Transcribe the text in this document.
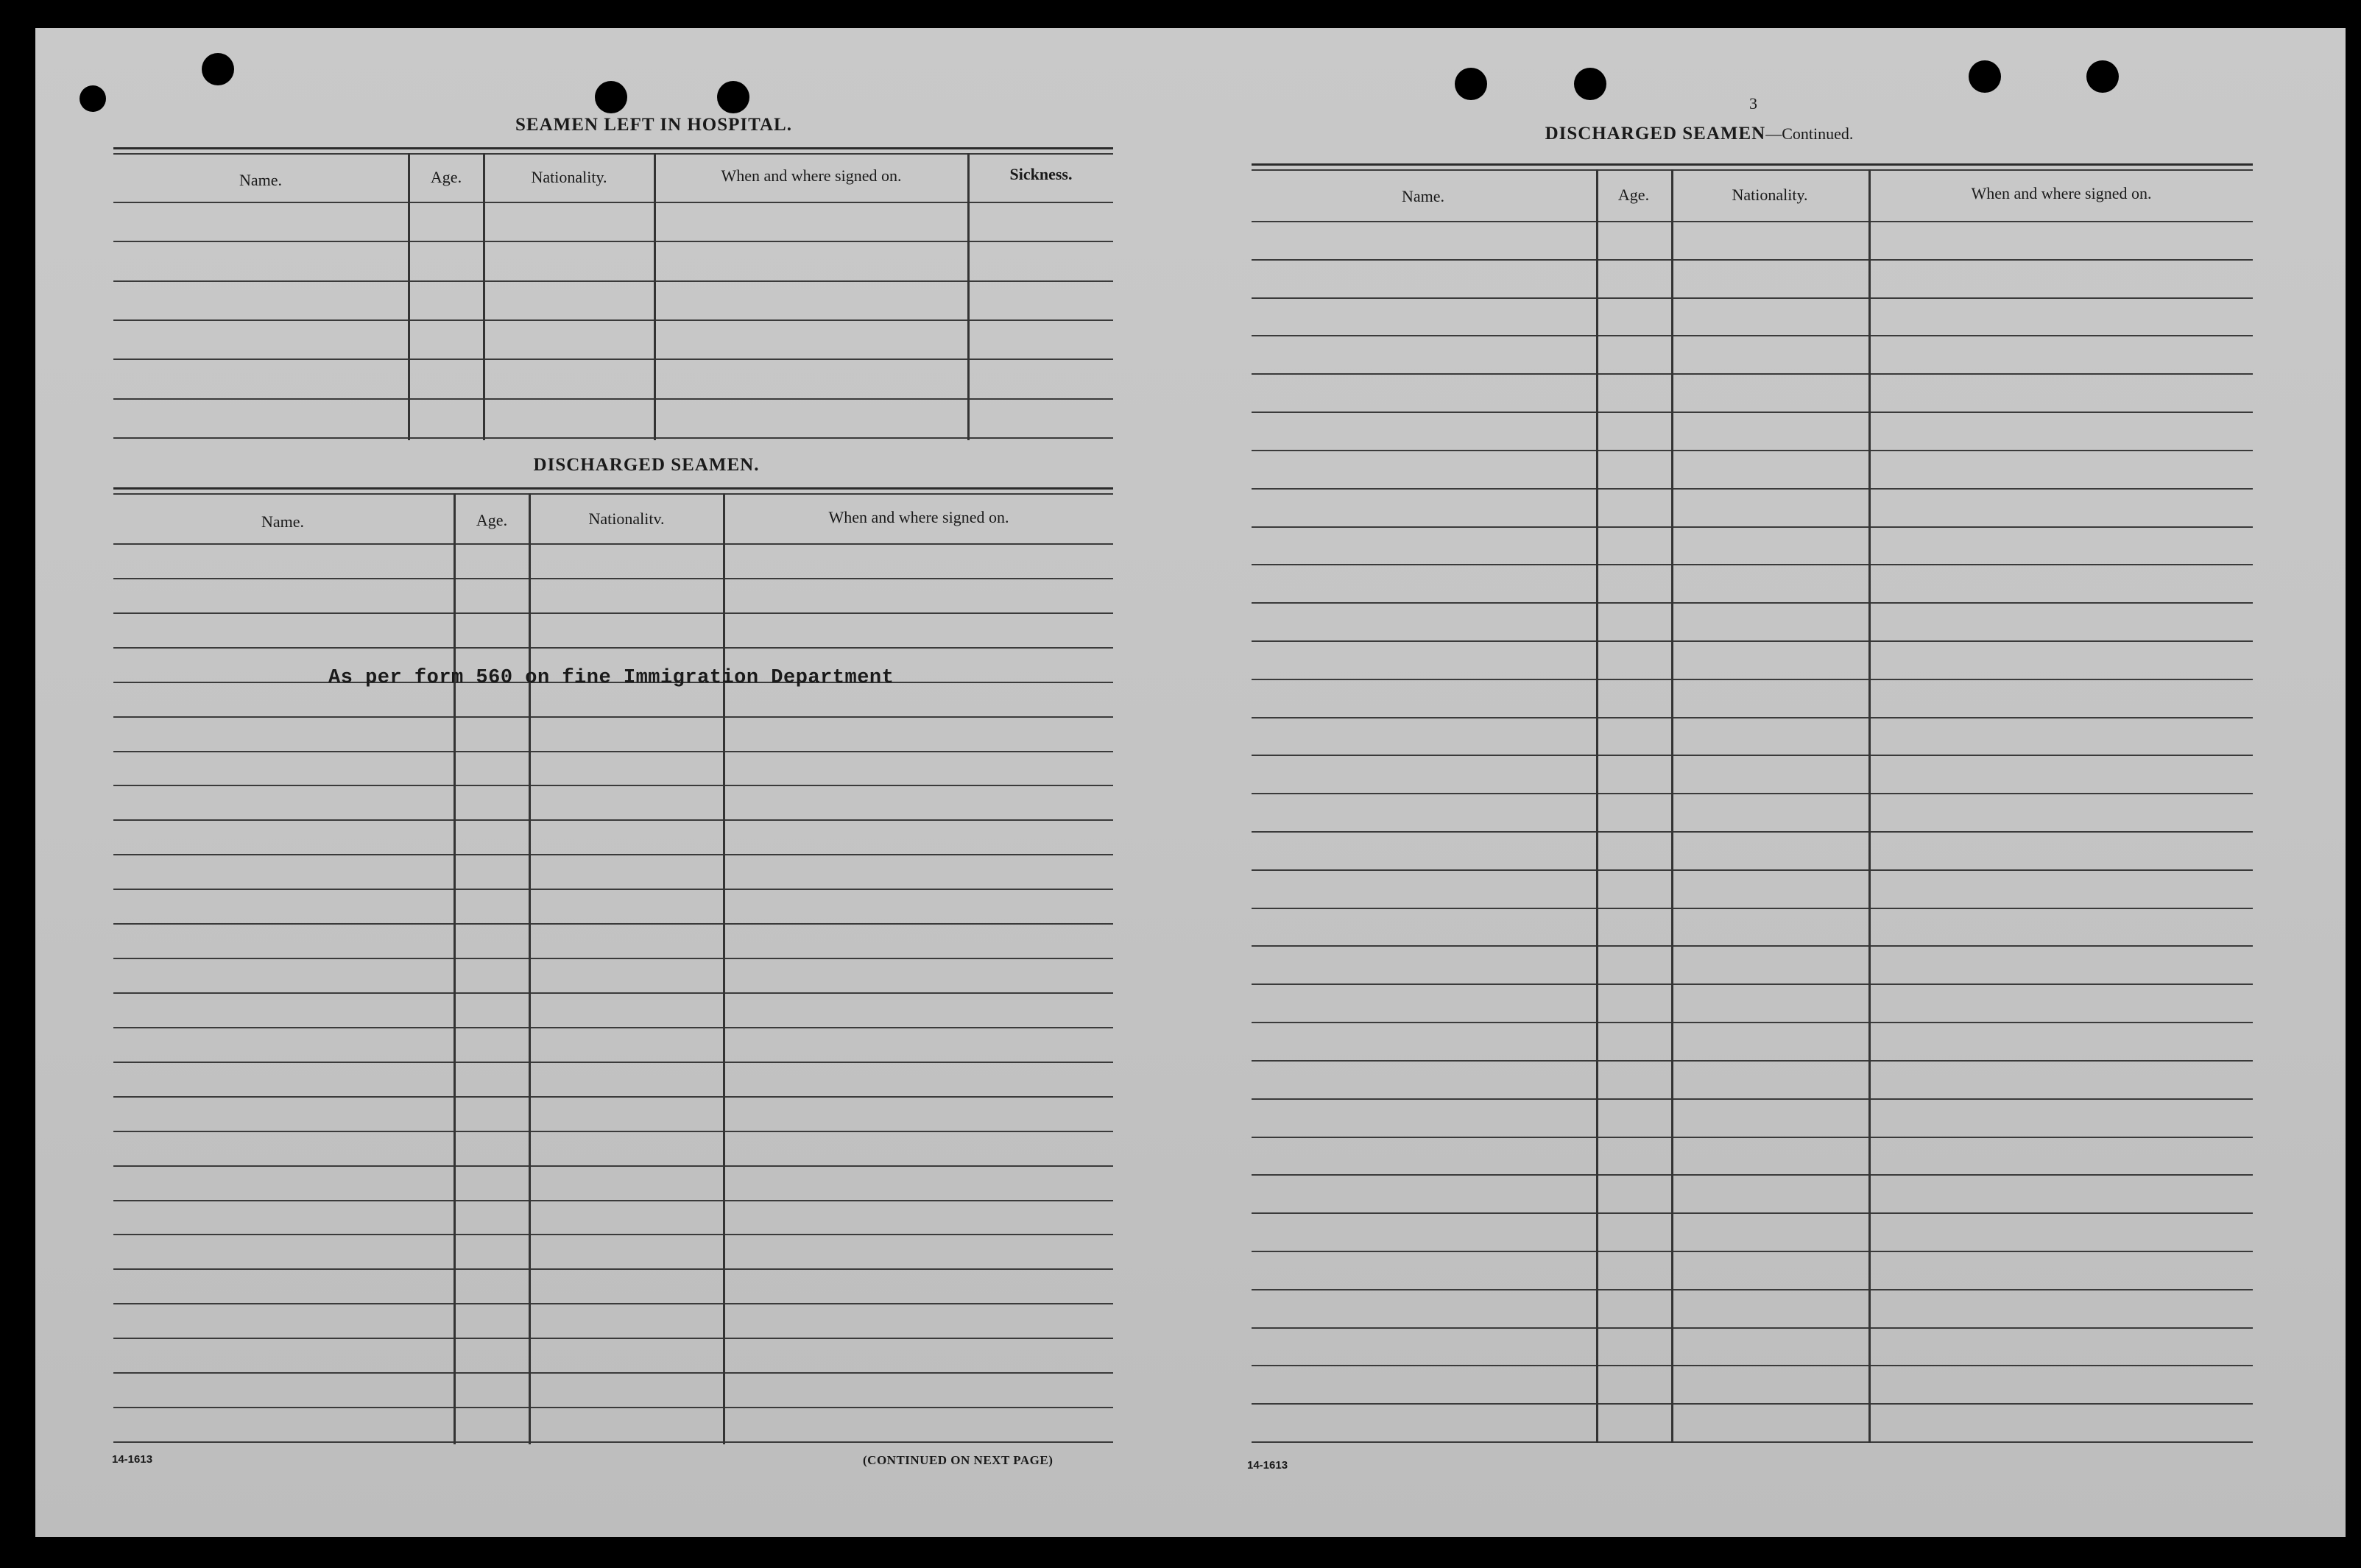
SEAMEN LEFT IN HOSPITAL.
Name.	Age.	Nationality.	When and where signed on.	Sickness.
DISCHARGED SEAMEN.
Name.	Age.	Nationalitv.	When and where signed on.
As per form 560 on fine Immigration Department
14-1613	(CONTINUED ON NEXT PAGE)
3
DISCHARGED SEAMEN—Continued.
Name.	Age.	Nationality.	When and where signed on.
14-1613
